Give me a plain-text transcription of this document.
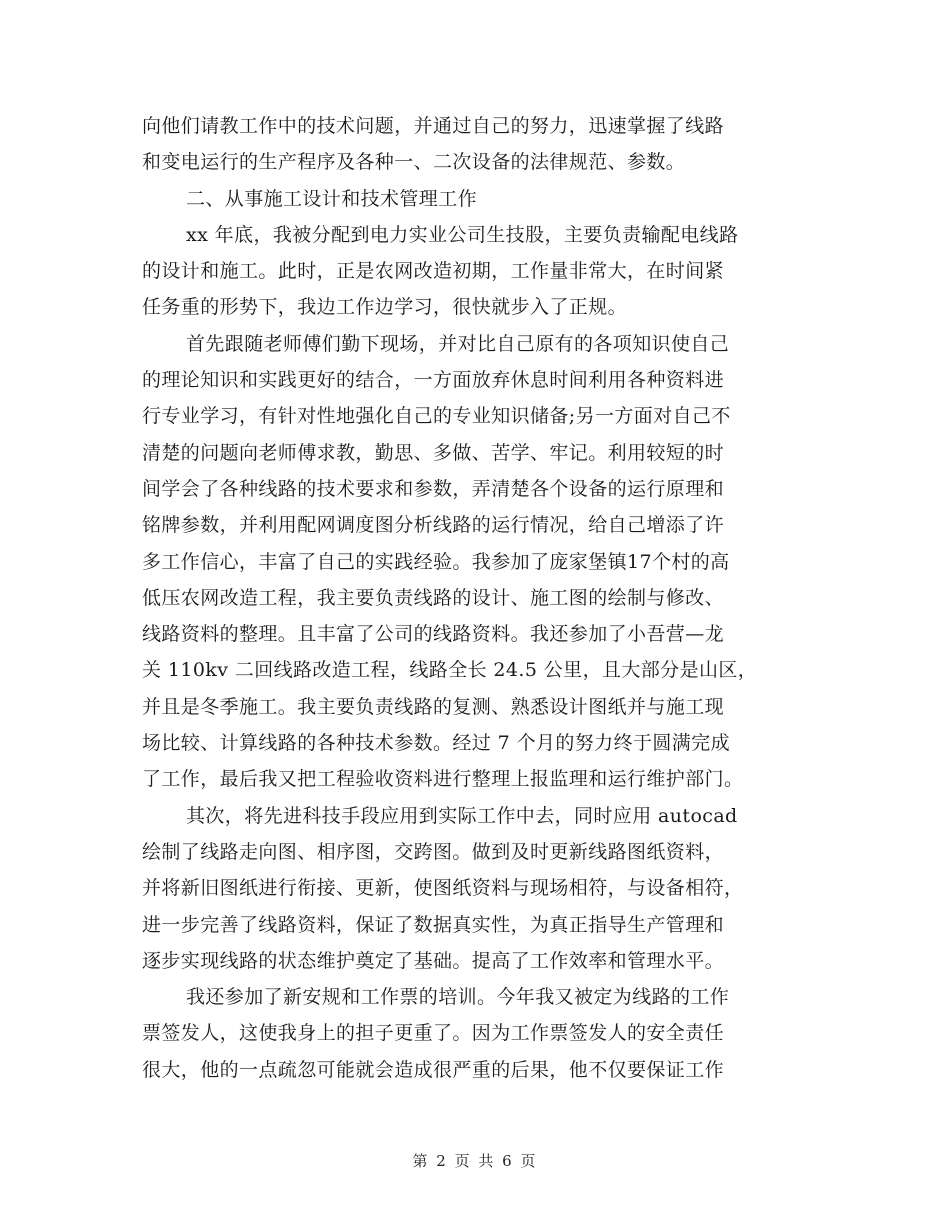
向他们请教工作中的技术问题，并通过自己的努力，迅速掌握了线路
和变电运行的生产程序及各种一、二次设备的法律规范、参数。
二、从事施工设计和技术管理工作
xx 年底，我被分配到电力实业公司生技股，主要负责输配电线路
的设计和施工。此时，正是农网改造初期，工作量非常大，在时间紧
任务重的形势下，我边工作边学习，很快就步入了正规。
首先跟随老师傅们勤下现场，并对比自己原有的各项知识使自己
的理论知识和实践更好的结合，一方面放弃休息时间利用各种资料进
行专业学习，有针对性地强化自己的专业知识储备;另一方面对自己不
清楚的问题向老师傅求教，勤思、多做、苦学、牢记。利用较短的时
间学会了各种线路的技术要求和参数，弄清楚各个设备的运行原理和
铭牌参数，并利用配网调度图分析线路的运行情况，给自己增添了许
多工作信心，丰富了自己的实践经验。我参加了庞家堡镇17个村的高
低压农网改造工程，我主要负责线路的设计、施工图的绘制与修改、
线路资料的整理。且丰富了公司的线路资料。我还参加了小吾营—龙
关 110kv 二回线路改造工程，线路全长 24.5 公里，且大部分是山区，
并且是冬季施工。我主要负责线路的复测、熟悉设计图纸并与施工现
场比较、计算线路的各种技术参数。经过 7 个月的努力终于圆满完成
了工作，最后我又把工程验收资料进行整理上报监理和运行维护部门。
其次，将先进科技手段应用到实际工作中去，同时应用 autocad
绘制了线路走向图、相序图，交跨图。做到及时更新线路图纸资料，
并将新旧图纸进行衔接、更新，使图纸资料与现场相符，与设备相符，
进一步完善了线路资料，保证了数据真实性，为真正指导生产管理和
逐步实现线路的状态维护奠定了基础。提高了工作效率和管理水平。
我还参加了新安规和工作票的培训。今年我又被定为线路的工作
票签发人，这使我身上的担子更重了。因为工作票签发人的安全责任
很大，他的一点疏忽可能就会造成很严重的后果，他不仅要保证工作
第 2 页 共 6 页
